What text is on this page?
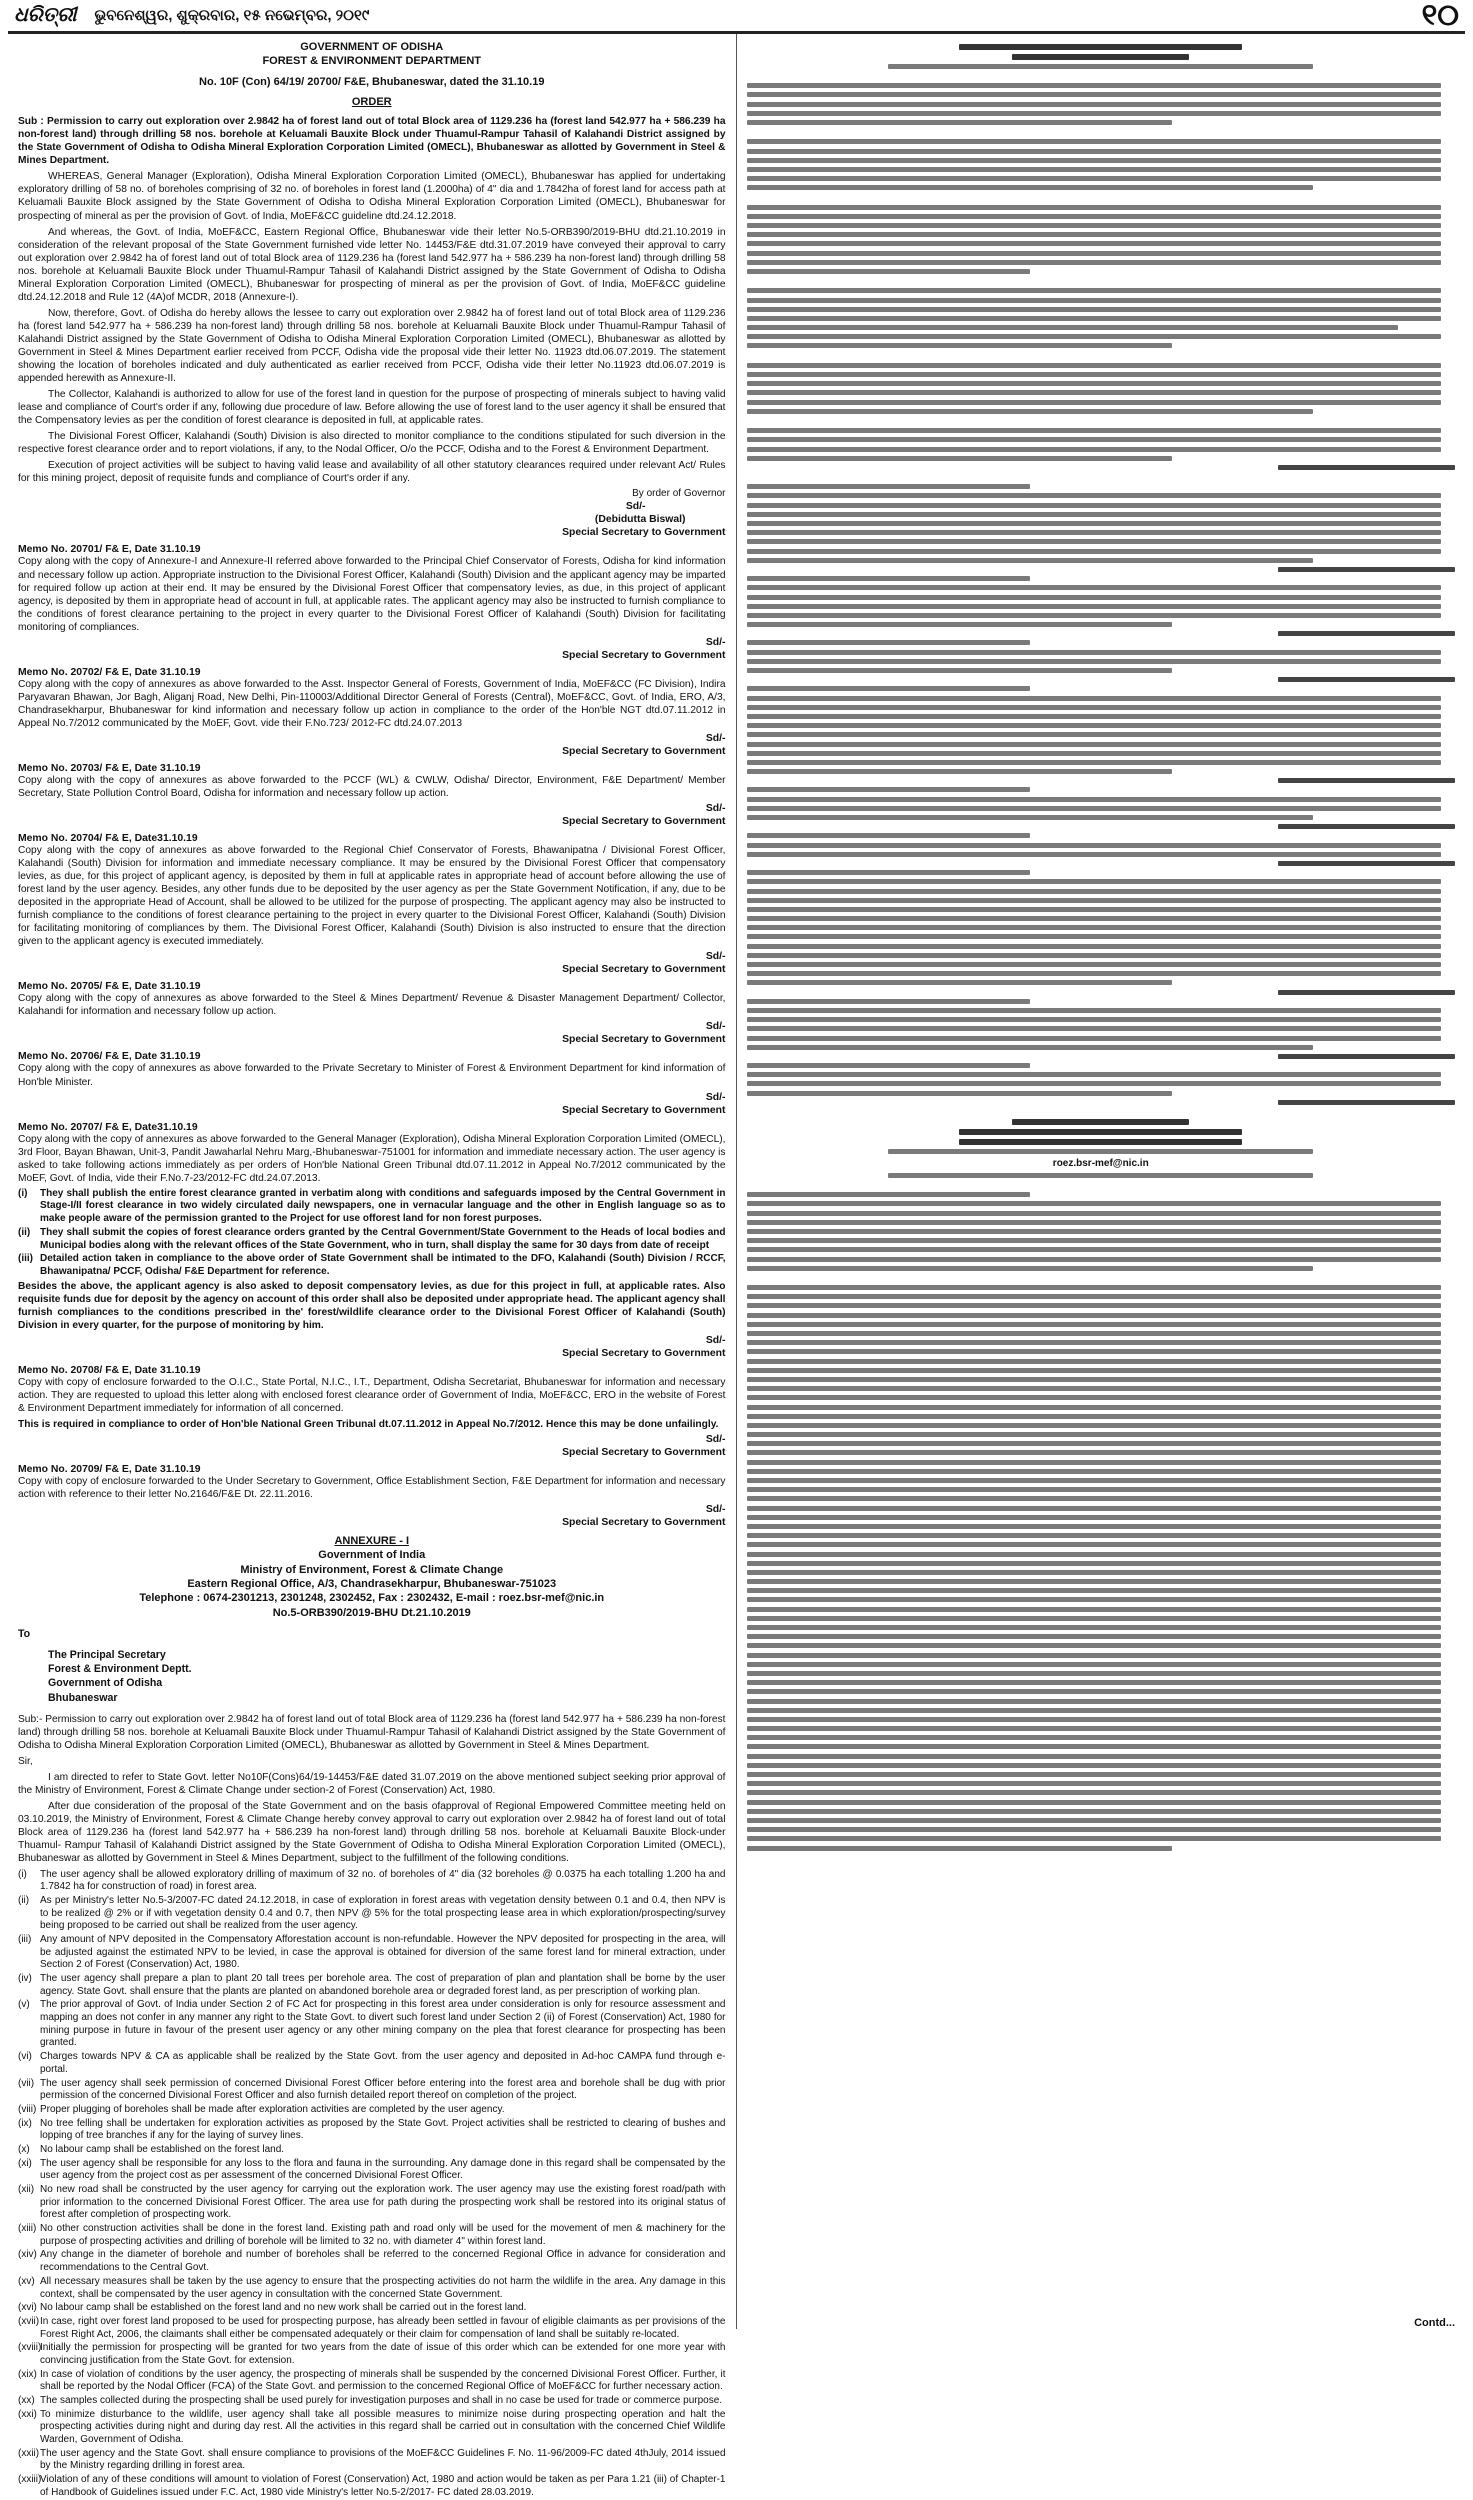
ଧରିତ୍ରୀ ଭୁବନେଶ୍ୱର, ଶୁକ୍ରବାର, ୧୫ ନଭେମ୍ବର, ୨୦୧୯	୧୦
GOVERNMENT OF ODISHA
FOREST & ENVIRONMENT DEPARTMENT
No. 10F (Con) 64/19/ 20700/ F&E, Bhubaneswar, dated the 31.10.19
ORDER

Sub : Permission to carry out exploration over 2.9842 ha of forest land out of total Block area of 1129.236 ha (forest land 542.977 ha + 586.239 ha non-forest land) through drilling 58 nos. borehole at Keluamali Bauxite Block under Thuamul-Rampur Tahasil of Kalahandi District assigned by the State Government of Odisha to Odisha Mineral Exploration Corporation Limited (OMECL), Bhubaneswar as allotted by Government in Steel & Mines Department.

WHEREAS, General Manager (Exploration), Odisha Mineral Exploration Corporation Limited (OMECL), Bhubaneswar has applied for undertaking exploratory drilling of 58 no. of boreholes comprising of 32 no. of boreholes in forest land (1.2000ha) of 4" dia and 1.7842ha of forest land for access path at Keluamali Bauxite Block assigned by the State Government of Odisha to Odisha Mineral Exploration Corporation Limited (OMECL), Bhubaneswar for prospecting of mineral as per the provision of Govt. of India, MoEF&CC guideline dtd.24.12.2018.

And whereas, the Govt. of India, MoEF&CC, Eastern Regional Office, Bhubaneswar vide their letter No.5-ORB390/2019-BHU dtd.21.10.2019 in consideration of the relevant proposal of the State Government furnished vide letter No. 14453/F&E dtd.31.07.2019 have conveyed their approval to carry out exploration over 2.9842 ha of forest land out of total Block area of 1129.236 ha (forest land 542.977 ha + 586.239 ha non-forest land) through drilling 58 nos. borehole at Keluamali Bauxite Block under Thuamul-Rampur Tahasil of Kalahandi District assigned by the State Government of Odisha to Odisha Mineral Exploration Corporation Limited (OMECL), Bhubaneswar for prospecting of mineral as per the provision of Govt. of India, MoEF&CC guideline dtd.24.12.2018 and Rule 12 (4A)of MCDR, 2018 (Annexure-I).

Now, therefore, Govt. of Odisha do hereby allows the lessee to carry out exploration over 2.9842 ha of forest land out of total Block area of 1129.236 ha (forest land 542.977 ha + 586.239 ha non-forest land) through drilling 58 nos. borehole at Keluamali Bauxite Block under Thuamul-Rampur Tahasil of Kalahandi District assigned by the State Government of Odisha to Odisha Mineral Exploration Corporation Limited (OMECL), Bhubaneswar as allotted by Government in Steel & Mines Department earlier received from PCCF, Odisha vide the proposal vide their letter No. 11923 dtd.06.07.2019. The statement showing the location of boreholes indicated and duly authenticated as earlier received from PCCF, Odisha vide their letter No.11923 dtd.06.07.2019 is appended herewith as Annexure-II.

The Collector, Kalahandi is authorized to allow for use of the forest land in question for the purpose of prospecting of minerals subject to having valid lease and compliance of Court's order if any, following due procedure of law. Before allowing the use of forest land to the user agency it shall be ensured that the Compensatory levies as per the condition of forest clearance is deposited in full, at applicable rates.

The Divisional Forest Officer, Kalahandi (South) Division is also directed to monitor compliance to the conditions stipulated for such diversion in the respective forest clearance order and to report violations, if any, to the Nodal Officer, O/o the PCCF, Odisha and to the Forest & Environment Department.

Execution of project activities will be subject to having valid lease and availability of all other statutory clearances required under relevant Act/ Rules for this mining project, deposit of requisite funds and compliance of Court's order if any.

By order of Governor
Sd/-
(Debidutta Biswal)
Special Secretary to Government
Memo No. 20701/ F& E, Date 31.10.19

Copy along with the copy of Annexure-I and Annexure-II referred above forwarded to the Principal Chief Conservator of Forests, Odisha for kind information and necessary follow up action. Appropriate instruction to the Divisional Forest Officer, Kalahandi (South) Division and the applicant agency may be imparted for required follow up action at their end. It may be ensured by the Divisional Forest Officer that compensatory levies, as due, in this project of applicant agency, is deposited by them in appropriate head of account in full, at applicable rates. The applicant agency may also be instructed to furnish compliance to the conditions of forest clearance pertaining to the project in every quarter to the Divisional Forest Officer of Kalahandi (South) Division for facilitating monitoring of compliances.

Sd/-
Special Secretary to Government
Memo No. 20702/ F& E, Date 31.10.19

Copy along with the copy of annexures as above forwarded to the Asst. Inspector General of Forests, Government of India, MoEF&CC (FC Division), Indira Paryavaran Bhawan, Jor Bagh, Aliganj Road, New Delhi, Pin-110003/Additional Director General of Forests (Central), MoEF&CC, Govt. of India, ERO, A/3, Chandrasekharpur, Bhubaneswar for kind information and necessary follow up action in compliance to the order of the Hon'ble NGT dtd.07.11.2012 in Appeal No.7/2012 communicated by the MoEF, Govt. vide their F.No.723/ 2012-FC dtd.24.07.2013

Sd/-
Special Secretary to Government
Memo No. 20703/ F& E, Date 31.10.19

Copy along with the copy of annexures as above forwarded to the PCCF (WL) & CWLW, Odisha/ Director, Environment, F&E Department/ Member Secretary, State Pollution Control Board, Odisha for information and necessary follow up action.

Sd/-
Special Secretary to Government
Memo No. 20704/ F& E, Date31.10.19

Copy along with the copy of annexures as above forwarded to the Regional Chief Conservator of Forests, Bhawanipatna / Divisional Forest Officer, Kalahandi (South) Division for information and immediate necessary compliance. It may be ensured by the Divisional Forest Officer that compensatory levies, as due, for this project of applicant agency, is deposited by them in full at applicable rates in appropriate head of account before allowing the use of forest land by the user agency. Besides, any other funds due to be deposited by the user agency as per the State Government Notification, if any, due to be deposited in the appropriate Head of Account, shall be allowed to be utilized for the purpose of prospecting. The applicant agency may also be instructed to furnish compliance to the conditions of forest clearance pertaining to the project in every quarter to the Divisional Forest Officer, Kalahandi (South) Division for facilitating monitoring of compliances by them. The Divisional Forest Officer, Kalahandi (South) Division is also instructed to ensure that the direction given to the applicant agency is executed immediately.

Sd/-
Special Secretary to Government
Memo No. 20705/ F& E, Date 31.10.19

Copy along with the copy of annexures as above forwarded to the Steel & Mines Department/ Revenue & Disaster Management Department/ Collector, Kalahandi for information and necessary follow up action.

Sd/-
Special Secretary to Government
Memo No. 20706/ F& E, Date 31.10.19

Copy along with the copy of annexures as above forwarded to the Private Secretary to Minister of Forest & Environment Department for kind information of Hon'ble Minister.

Sd/-
Special Secretary to Government
Memo No. 20707/ F& E, Date31.10.19

Copy along with the copy of annexures as above forwarded to the General Manager (Exploration), Odisha Mineral Exploration Corporation Limited (OMECL), 3rd Floor, Bayan Bhawan, Unit-3, Pandit Jawaharlal Nehru Marg,-Bhubaneswar-751001 for information and immediate necessary action. The user agency is asked to take following actions immediately as per orders of Hon'ble National Green Tribunal dtd.07.11.2012 in Appeal No.7/2012 communicated by the MoEF, Govt. of India, vide their F.No.7-23/2012-FC dtd.24.07.2013.

(i)	They shall publish the entire forest clearance granted in verbatim along with conditions and safeguards imposed by the Central Government in Stage-I/II forest clearance in two widely circulated daily newspapers, one in vernacular language and the other in English language so as to make people aware of the permission granted to the Project for use offorest land for non forest purposes.
(ii) They shall submit the copies of forest clearance orders granted by the Central Government/State Government to the Heads of local bodies and Municipal bodies along with the relevant offices of the State Government, who in turn, shall display the same for 30 days from date of receipt
(iii) Detailed action taken in compliance to the above order of State Government shall be intimated to the DFO, Kalahandi (South) Division / RCCF, Bhawanipatna/ PCCF, Odisha/ F&E Department for reference.

Besides the above, the applicant agency is also asked to deposit compensatory levies, as due for this project in full, at applicable rates. Also requisite funds due for deposit by the agency on account of this order shall also be deposited under appropriate head. The applicant agency shall furnish compliances to the conditions prescribed in the' forest/wildlife clearance order to the Divisional Forest Officer of Kalahandi (South) Division in every quarter, for the purpose of monitoring by him.

Sd/-
Special Secretary to Government
Memo No. 20708/ F& E, Date 31.10.19

Copy with copy of enclosure forwarded to the O.I.C., State Portal, N.I.C., I.T., Department, Odisha Secretariat, Bhubaneswar for information and necessary action. They are requested to upload this letter along with enclosed forest clearance order of Government of India, MoEF&CC, ERO in the website of Forest & Environment Department immediately for information of all concerned.

This is required in compliance to order of Hon'ble National Green Tribunal dt.07.11.2012 in Appeal No.7/2012. Hence this may be done unfailingly.

Sd/-
Special Secretary to Government
Memo No. 20709/ F& E, Date 31.10.19

Copy with copy of enclosure forwarded to the Under Secretary to Government, Office Establishment Section, F&E Department for information and necessary action with reference to their letter No.21646/F&E Dt. 22.11.2016.

Sd/-
Special Secretary to Government
ANNEXURE - I
Government of India
Ministry of Environment, Forest & Climate Change
Eastern Regional Office, A/3, Chandrasekharpur, Bhubaneswar-751023
Telephone : 0674-2301213, 2301248, 2302452, Fax : 2302432, E-mail : roez.bsr-mef@nic.in
No.5-ORB390/2019-BHU Dt.21.10.2019
To
The Principal Secretary
Forest & Environment Deptt.
Government of Odisha
Bhubaneswar

Sub:- Permission to carry out exploration over 2.9842 ha of forest land out of total Block area of 1129.236 ha (forest land 542.977 ha + 586.239 ha non-forest land) through drilling 58 nos. borehole at Keluamali Bauxite Block under Thuamul-Rampur Tahasil of Kalahandi District assigned by the State Government of Odisha to Odisha Mineral Exploration Corporation Limited (OMECL), Bhubaneswar as allotted by Government in Steel & Mines Department.

Sir,

I am directed to refer to State Govt. letter No10F(Cons)64/19-14453/F&E dated 31.07.2019 on the above mentioned subject seeking prior approval of the Ministry of Environment, Forest & Climate Change under section-2 of Forest (Conservation) Act, 1980.

After due consideration of the proposal of the State Government and on the basis ofapproval of Regional Empowered Committee meeting held on 03.10.2019, the Ministry of Environment, Forest & Climate Change hereby convey approval to carry out exploration over 2.9842 ha of forest land out of total Block area of 1129.236 ha (forest land 542.977 ha + 586.239 ha non-forest land) through drilling 58 nos. borehole at Keluamali Bauxite Block-under Thuamul- Rampur Tahasil of Kalahandi District assigned by the State Government of Odisha to Odisha Mineral Exploration Corporation Limited (OMECL), Bhubaneswar as allotted by Government in Steel & Mines Department, subject to the fulfillment of the following conditions.

(i)	The user agency shall be allowed exploratory drilling of maximum of 32 no. of boreholes of 4" dia (32 boreholes @ 0.0375 ha each totalling 1.200 ha and 1.7842 ha for construction of road) in forest area.
(ii)	As per Ministry's letter No.5-3/2007-FC dated 24.12.2018, in case of exploration in forest areas with vegetation density between 0.1 and 0.4, then NPV is to be realized @ 2% or if with vegetation density 0.4 and 0.7, then NPV @ 5% for the total prospecting lease area in which exploration/prospecting/survey being proposed to be carried out shall be realized from the user agency.
(iii) Any amount of NPV deposited in the Compensatory Afforestation account is non-refundable. However the NPV deposited for prospecting in the area, will be adjusted against the estimated NPV to be levied, in case the approval is obtained for diversion of the same forest land for mineral extraction, under Section 2 of Forest (Conservation) Act, 1980.
(iv) The user agency shall prepare a plan to plant 20 tall trees per borehole area. The cost of preparation of plan and plantation shall be borne by the user agency. State Govt. shall ensure that the plants are planted on abandoned borehole area or degraded forest land, as per prescription of working plan.
(v)	The prior approval of Govt. of India under Section 2 of FC Act for prospecting in this forest area under consideration is only for resource assessment and mapping an does not confer in any manner any right to the State Govt. to divert such forest land under Section 2 (ii) of Forest (Conservation) Act, 1980 for mining purpose in future in favour of the present user agency or any other mining company on the plea that forest clearance for prospecting has been granted.
(vi) Charges towards NPV & CA as applicable shall be realized by the State Govt. from the user agency and deposited in Ad-hoc CAMPA fund through e-portal.
(vii) The user agency shall seek permission of concerned Divisional Forest Officer before entering into the forest area and borehole shall be dug with prior permission of the concerned Divisional Forest Officer and also furnish detailed report thereof on completion of the project.
(viii) Proper plugging of boreholes shall be made after exploration activities are completed by the user agency.
(ix) No tree felling shall be undertaken for exploration activities as proposed by the State Govt. Project activities shall be restricted to clearing of bushes and lopping of tree branches if any for the laying of survey lines.
(x)	No labour camp shall be established on the forest land.
(xi) The user agency shall be responsible for any loss to the flora and fauna in the surrounding. Any damage done in this regard shall be compensated by the user agency from the project cost as per assessment of the concerned Divisional Forest Officer.
(xii) No new road shall be constructed by the user agency for carrying out the exploration work. The user agency may use the existing forest road/path with prior information to the concerned Divisional Forest Officer. The area use for path during the prospecting work shall be restored into its original status of forest after completion of prospecting work.
(xiii) No other construction activities shall be done in the forest land. Existing path and road only will be used for the movement of men & machinery for the purpose of prospecting activities and drilling of borehole will be limited to 32 no. with diameter 4" within forest land.
(xiv) Any change in the diameter of borehole and number of boreholes shall be referred to the concerned Regional Office in advance for consideration and recommendations to the Central Govt.
(xv) All necessary measures shall be taken by the use agency to ensure that the prospecting activities do not harm the wildlife in the area. Any damage in this context, shall be compensated by the user agency in consultation with the concerned State Government.
(xvi) No labour camp shall be established on the forest land and no new work shall be carried out in the forest land.
(xvii) In case, right over forest land proposed to be used for prospecting purpose, has already been settled in favour of eligible claimants as per provisions of the Forest Right Act, 2006, the claimants shall either be compensated adequately or their claim for compensation of land shall be suitably re-located.
(xviii)
Initially the permission for prospecting will be granted for two years from the date of issue of this order which can be extended for one more year with convincing justification from the State Govt. for extension.
(xix) In case of violation of conditions by the user agency, the prospecting of minerals shall be suspended by the concerned Divisional Forest Officer. Further, it shall be reported by the Nodal Officer (FCA) of the State Govt. and permission to the concerned Regional Office of MoEF&CC for further necessary action.
(xx) The samples collected during the prospecting shall be used purely for investigation purposes and shall in no case be used for trade or commerce purpose.
(xxi) To minimize disturbance to the wildlife, user agency shall take all possible measures to minimize noise during prospecting operation and halt the prospecting activities during night and during day rest. All the activities in this regard shall be carried out in consultation with the concerned Chief Wildlife Warden, Government of Odisha.
(xxii) The user agency and the State Govt. shall ensure compliance to provisions of the MoEF&CC Guidelines F. No. 11-96/2009-FC dated 4thJuly, 2014 issued by the Ministry regarding drilling in forest area.
(xxiii)
Violation of any of these conditions will amount to violation of Forest (Conservation) Act, 1980 and action would be taken as per Para 1.21 (iii) of Chapter-1 of Handbook of Guidelines issued under F.C. Act, 1980 vide Ministry's letter No.5-2/2017- FC dated 28.03.2019.
roez.bsr-mef@nic.in
Contd...
